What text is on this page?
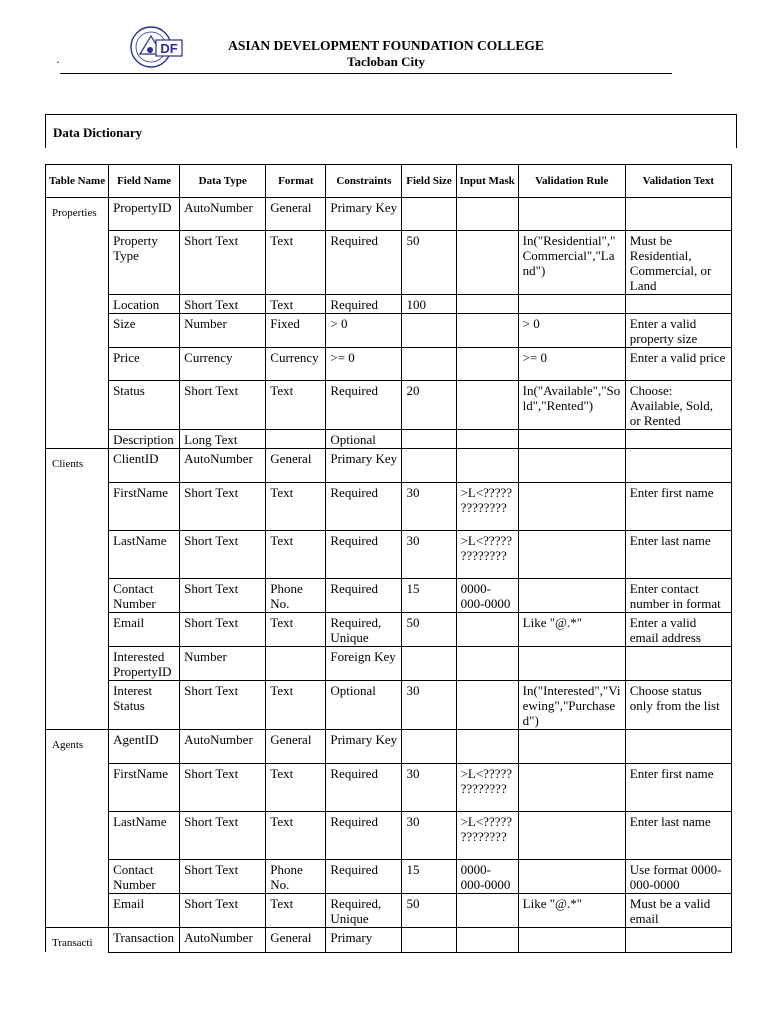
·
DF	ASIAN DEVELOPMENT FOUNDATION COLLEGE
Tacloban City
Data Dictionary
Table Name	Field Name	Data Type	Format	Constraints	Field Size	Input Mask	Validation Rule	Validation Text
Properties	PropertyID	AutoNumber	General	Primary Key				
	Property Type	Short Text	Text	Required	50		In("Residential","Commercial","Land")	Must be Residential, Commercial, or Land
	Location	Short Text	Text	Required	100			
	Size	Number	Fixed	> 0			> 0	Enter a valid property size
	Price	Currency	Currency	>= 0			>= 0	Enter a valid price
	Status	Short Text	Text	Required	20		In("Available","Sold","Rented")	Choose: Available, Sold, or Rented
	Description	Long Text		Optional				
Clients	ClientID	AutoNumber	General	Primary Key				
	FirstName	Short Text	Text	Required	30	>L<?????????????		Enter first name
	LastName	Short Text	Text	Required	30	>L<?????????????		Enter last name
	Contact Number	Short Text	Phone No.	Required	15	0000-000-0000		Enter contact number in format
	Email	Short Text	Text	Required, Unique	50		Like "@.*"	Enter a valid email address
	Interested PropertyID	Number		Foreign Key				
	Interest Status	Short Text	Text	Optional	30		In("Interested","Viewing","Purchased")	Choose status only from the list
Agents	AgentID	AutoNumber	General	Primary Key				
	FirstName	Short Text	Text	Required	30	>L<?????????????		Enter first name
	LastName	Short Text	Text	Required	30	>L<?????????????		Enter last name
	Contact Number	Short Text	Phone No.	Required	15	0000-000-0000		Use format 0000-000-0000
	Email	Short Text	Text	Required, Unique	50		Like "@.*"	Must be a valid email
Transacti	Transaction	AutoNumber	General	Primary				
